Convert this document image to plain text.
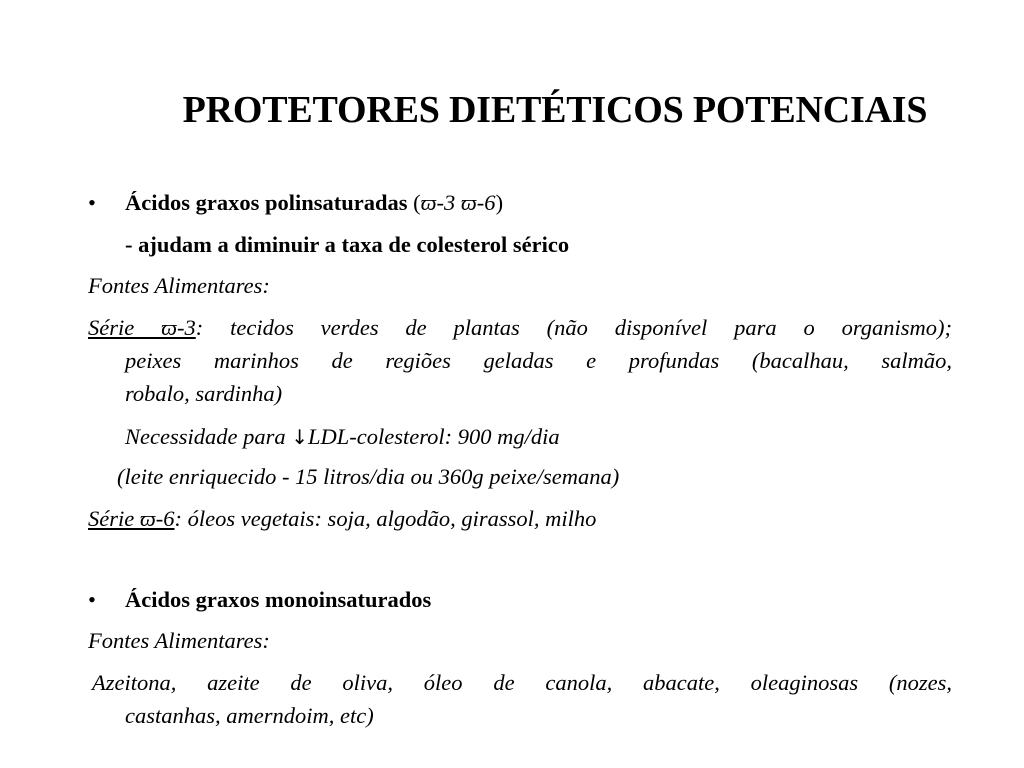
PROTETORES DIETÉTICOS POTENCIAIS
• Ácidos graxos polinsaturadas (ϖ-3 ϖ-6)
- ajudam a diminuir a taxa de colesterol sérico
Fontes Alimentares:
Série ϖ-3: tecidos verdes de plantas (não disponível para o organismo);
peixes marinhos de regiões geladas e profundas (bacalhau, salmão,
robalo, sardinha)
Necessidade para ↓LDL-colesterol: 900 mg/dia
(leite enriquecido - 15 litros/dia ou 360g peixe/semana)
Série ϖ-6: óleos vegetais: soja, algodão, girassol, milho
• Ácidos graxos monoinsaturados
Fontes Alimentares:
Azeitona, azeite de oliva, óleo de canola, abacate, oleaginosas (nozes,
castanhas, amerndoim, etc)
